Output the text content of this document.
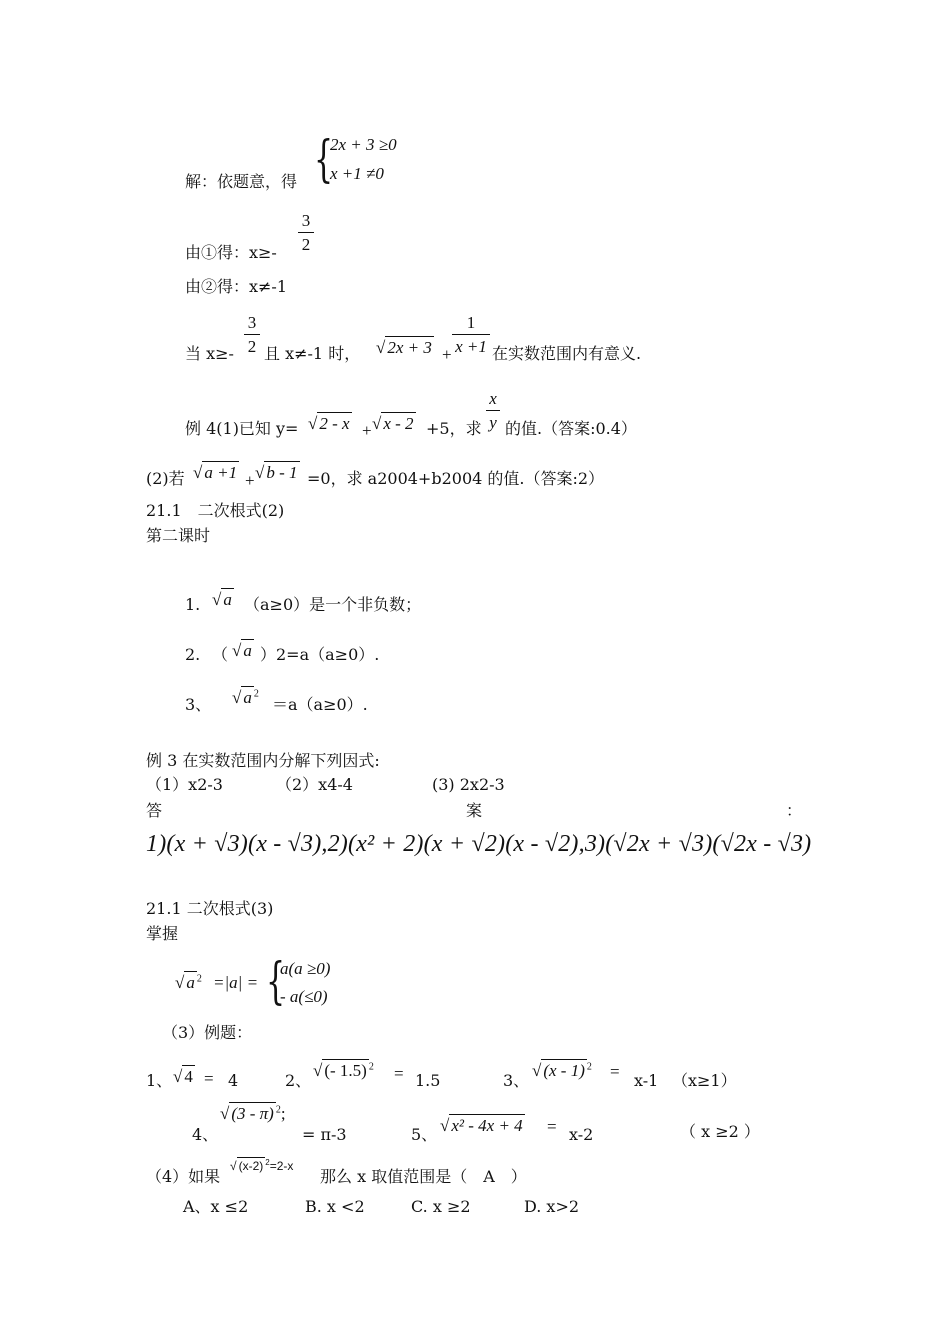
{
2x + 3 ≥0
x +1 ≠0
解：依题意，得
由①得：x≥-
3
2
由②得：x≠-1
当 x≥-
3
2 且 x≠-1 时， √ 2x + 3 +
1
x +1 在实数范围内有意义.
例 4(1)已知 y= √ 2 - x + √ x - 2 +5，求
x
y 的值.（答案:0.4）
(2)若 √ a +1 + √ b - 1 =0，求 a2004+b2004 的值.（答案:2）
21.1　二次根式(2)
第二课时
1. √ a （a≥0）是一个非负数；
2. （ √ a ）2=a（a≥0）.
3、 √ a $^2$
＝a（a≥0）.
例 3 在实数范围内分解下列因式:
（1）x2-3	（2）x4-4	(3) 2x2-3
答	案	：
1)(x + √3)(x - √3),2)(x² + 2)(x + √2)(x - √2),3)(√2x + √3)(√2x - √3)
21.1 二次根式(3)
掌握
√ a $^2$ =|a| = {
a(a ≥0)
- a(≤0)
（3）例题：
1、 √ 4 = 4	2、
√ (- 1.5) $^2$ = 1.5	3、
√ (x - 1) $^2$ = x-1 （x≥1）
4、
√ (3 - π) $^2$;
= π-3	5、 √ x² - 4x + 4 = x-2	（ x ≥2 ）
（4）如果
√ (x-2) $^2$=2-x
那么 x 取值范围是（　A　）
A、x ≤2	B. x <2	C. x ≥2	D. x>2
